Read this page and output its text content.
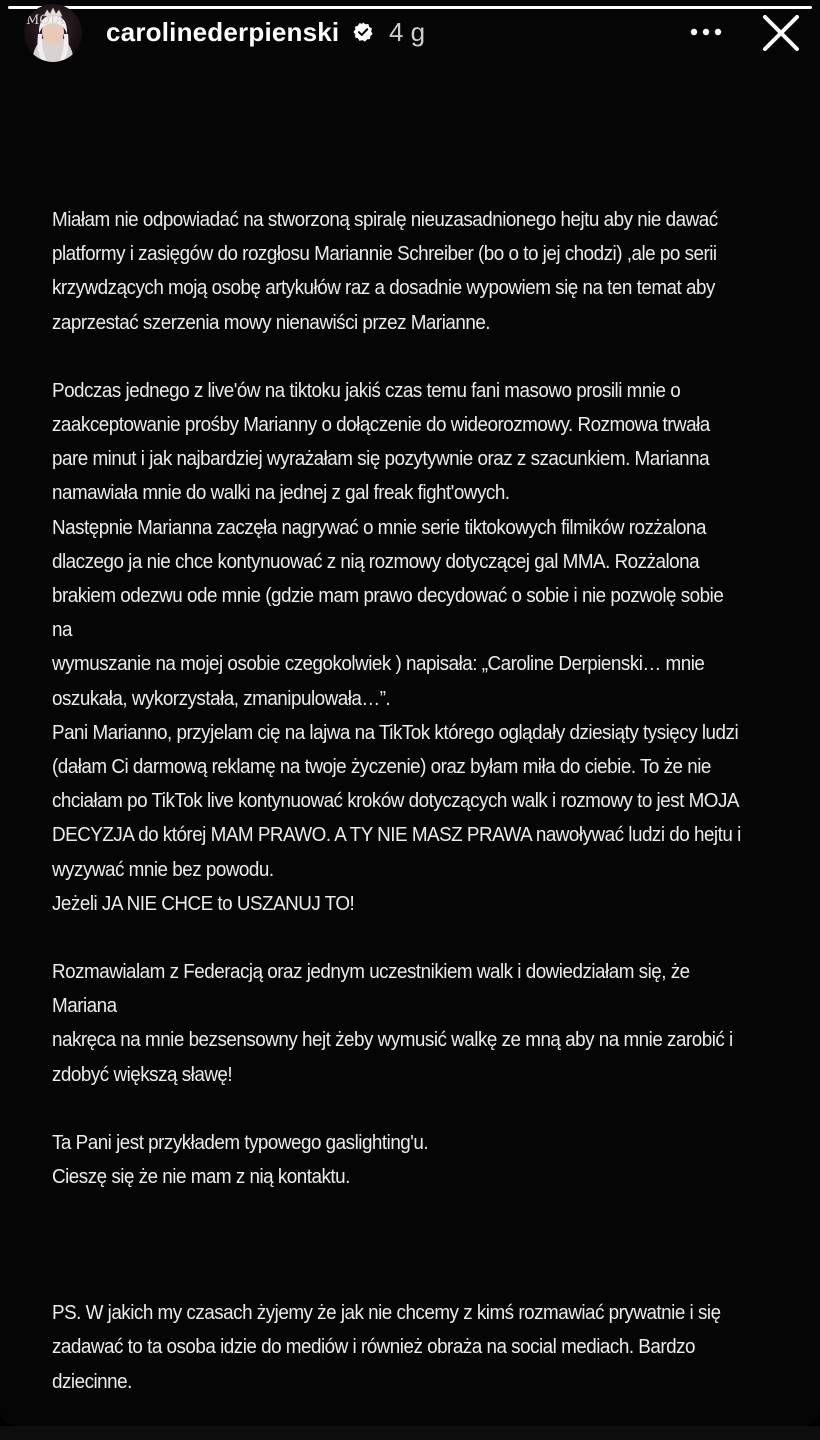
MOJA carolinederpienski 4 g

Miałam nie odpowiadać na stworzoną spiralę nieuzasadnionego hejtu aby nie dawać
platformy i zasięgów do rozgłosu Mariannie Schreiber (bo o to jej chodzi) ,ale po serii
krzywdzących moją osobę artykułów raz a dosadnie wypowiem się na ten temat aby
zaprzestać szerzenia mowy nienawiści przez Marianne.

Podczas jednego z live'ów na tiktoku jakiś czas temu fani masowo prosili mnie o
zaakceptowanie prośby Marianny o dołączenie do wideorozmowy. Rozmowa trwała
pare minut i jak najbardziej wyrażałam się pozytywnie oraz z szacunkiem. Marianna
namawiała mnie do walki na jednej z gal freak fight'owych.
Następnie Marianna zaczęła nagrywać o mnie serie tiktokowych filmików rozżalona
dlaczego ja nie chce kontynuować z nią rozmowy dotyczącej gal MMA. Rozżalona
brakiem odezwu ode mnie (gdzie mam prawo decydować o sobie i nie pozwolę sobie na
wymuszanie na mojej osobie czegokolwiek ) napisała: „Caroline Derpienski… mnie
oszukała, wykorzystała, zmanipulowała…”.
Pani Marianno, przyjelam cię na lajwa na TikTok którego oglądały dziesiąty tysięcy ludzi
(dałam Ci darmową reklamę na twoje życzenie) oraz byłam miła do ciebie. To że nie
chciałam po TikTok live kontynuować kroków dotyczących walk i rozmowy to jest MOJA
DECYZJA do której MAM PRAWO. A TY NIE MASZ PRAWA nawoływać ludzi do hejtu i
wyzywać mnie bez powodu.
Jeżeli JA NIE CHCE to USZANUJ TO!

Rozmawialam z Federacją oraz jednym uczestnikiem walk i dowiedziałam się, że Mariana
nakręca na mnie bezsensowny hejt żeby wymusić walkę ze mną aby na mnie zarobić i
zdobyć większą sławę!

Ta Pani jest przykładem typowego gaslighting'u.
Cieszę się że nie mam z nią kontaktu.

PS. W jakich my czasach żyjemy że jak nie chcemy z kimś rozmawiać prywatnie i się
zadawać to ta osoba idzie do mediów i również obraża na social mediach. Bardzo
dziecinne.
